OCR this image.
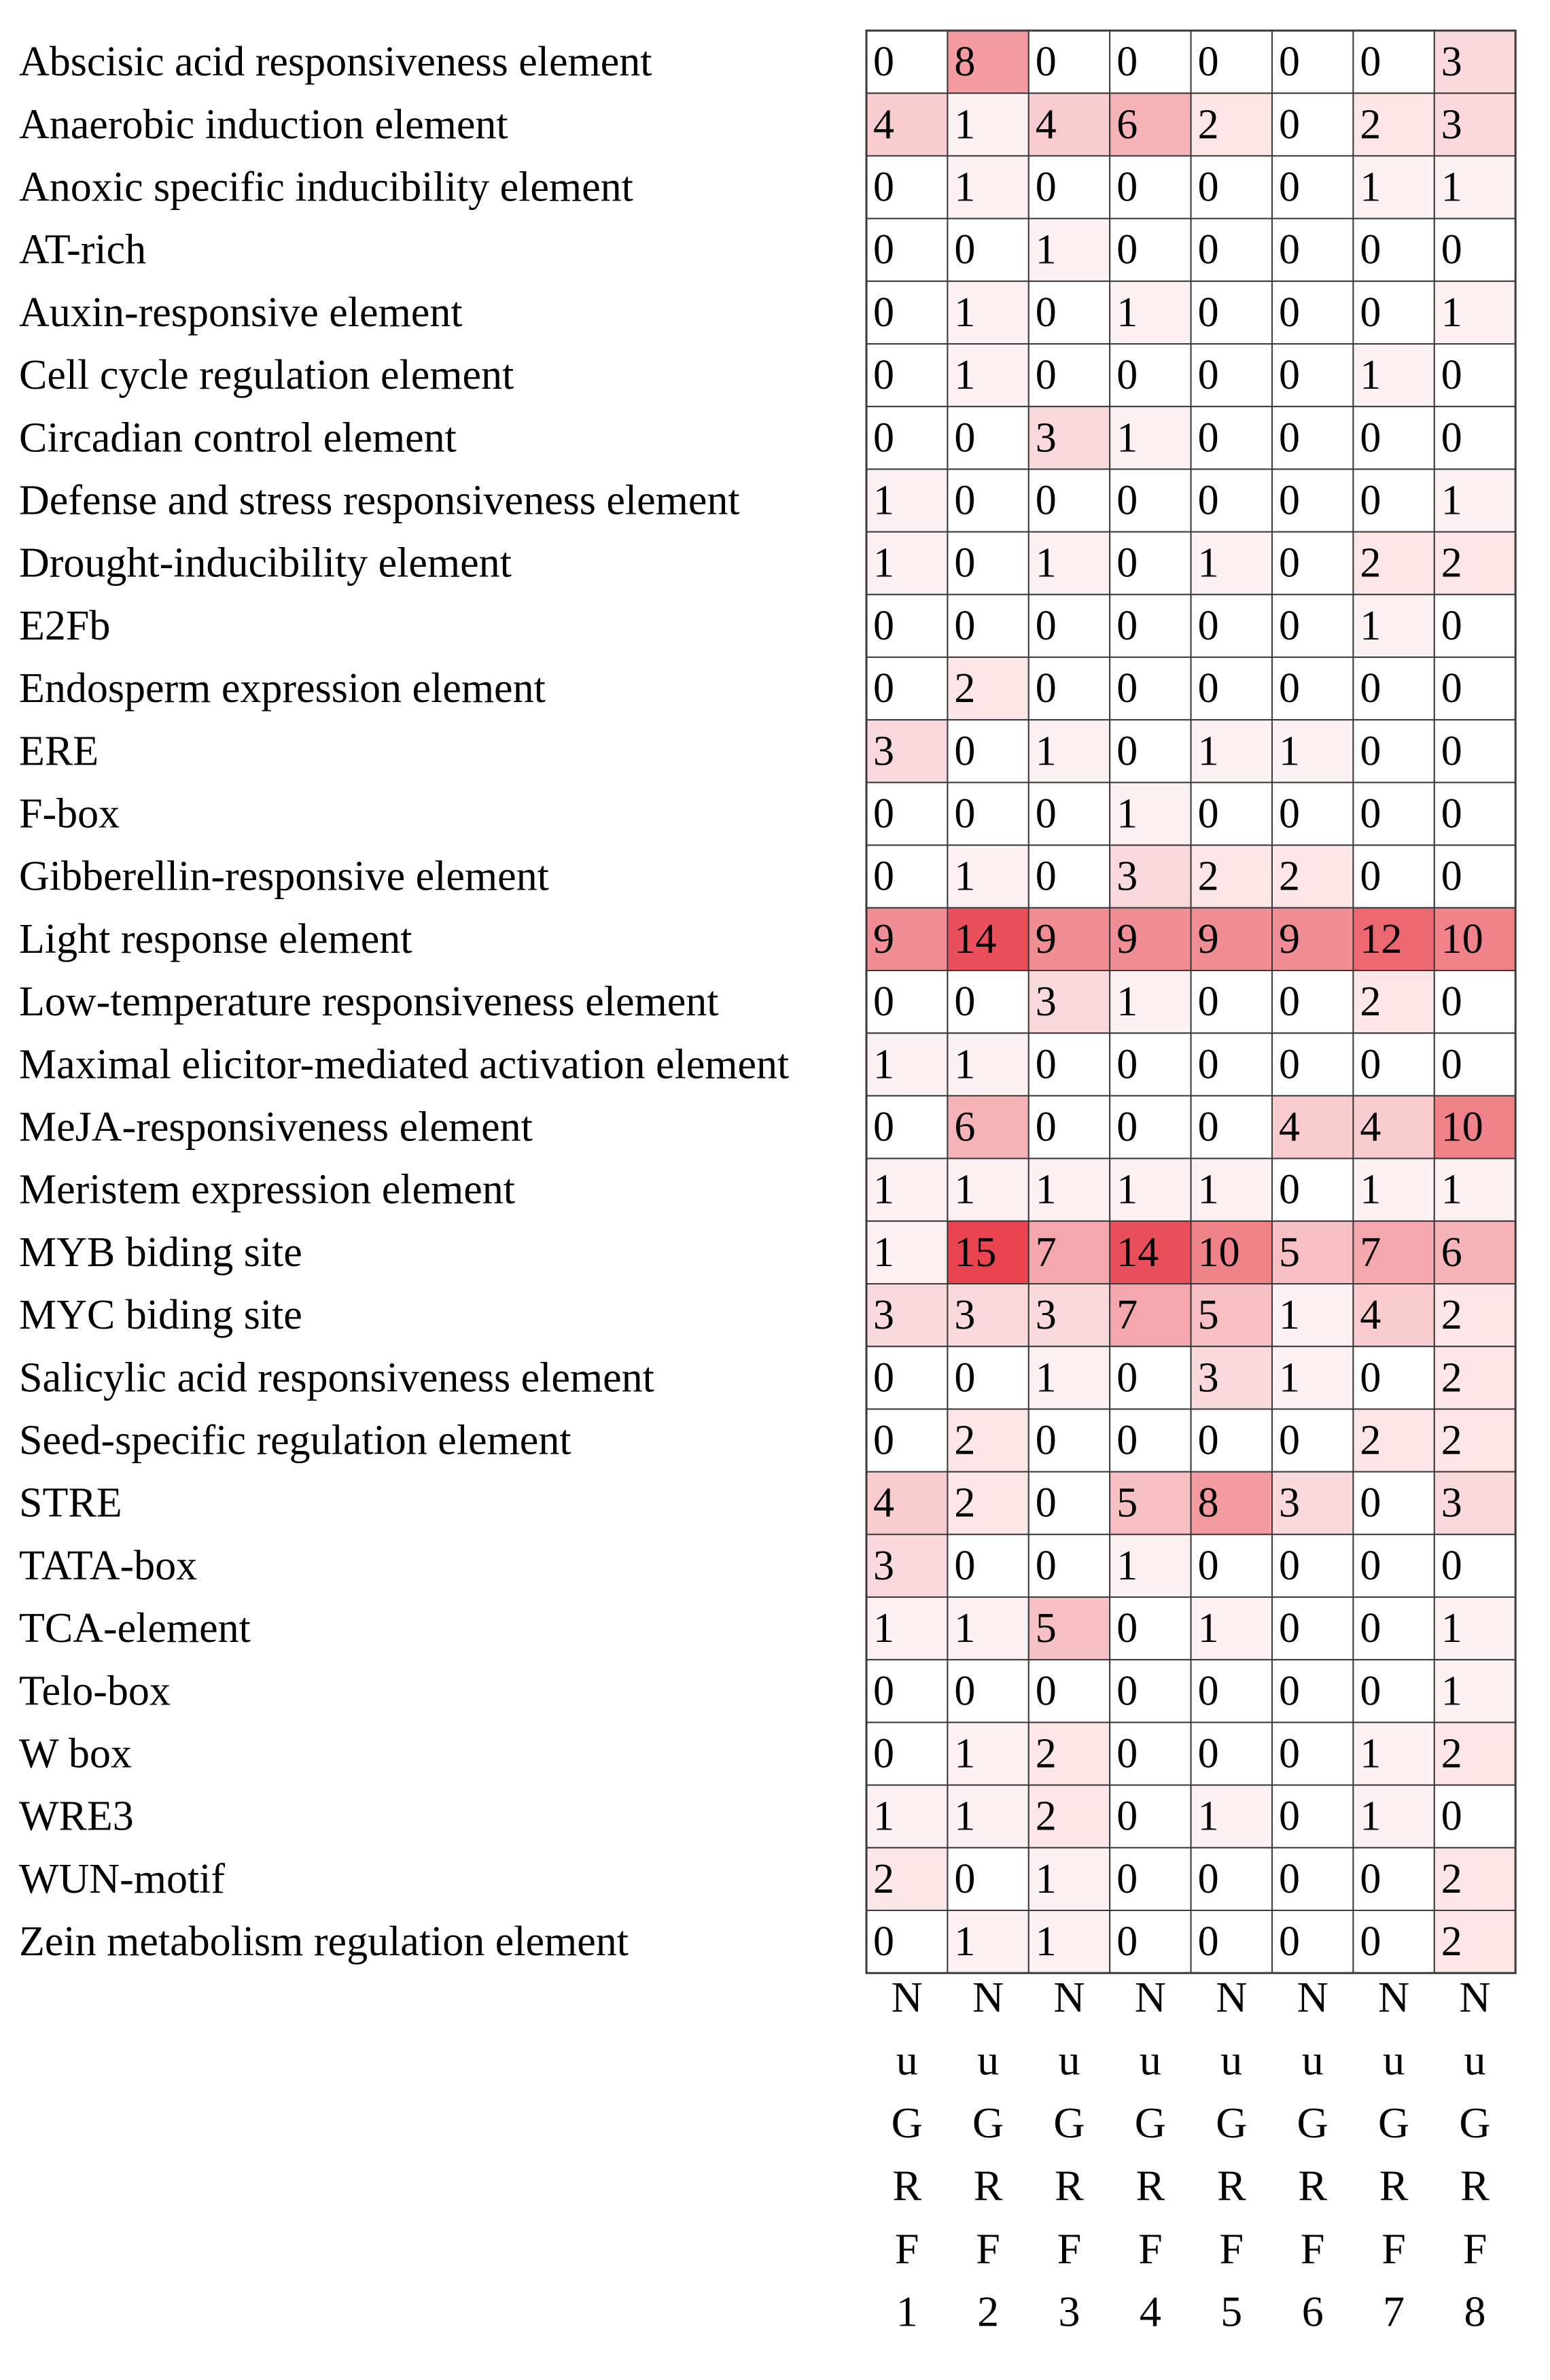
Abscisic acid responsiveness element
Anaerobic induction element
Anoxic specific inducibility element
AT-rich
Auxin-responsive element
Cell cycle regulation element
Circadian control element
Defense and stress responsiveness element
Drought-inducibility element
E2Fb
Endosperm expression element
ERE
F-box
Gibberellin-responsive element
Light response element
Low-temperature responsiveness element
Maximal elicitor-mediated activation element
MeJA-responsiveness element
Meristem expression element
MYB biding site
MYC biding site
Salicylic acid responsiveness element
Seed-specific regulation element
STRE
TATA-box
TCA-element
Telo-box
W box
WRE3
WUN-motif
Zein metabolism regulation element
0 8 0 0 0 0 0 3
4 1 4 6 2 0 2 3
0 1 0 0 0 0 1 1
0 0 1 0 0 0 0 0
0 1 0 1 0 0 0 1
0 1 0 0 0 0 1 0
0 0 3 1 0 0 0 0
1 0 0 0 0 0 0 1
1 0 1 0 1 0 2 2
0 0 0 0 0 0 1 0
0 2 0 0 0 0 0 0
3 0 1 0 1 1 0 0
0 0 0 1 0 0 0 0
0 1 0 3 2 2 0 0
9 14 9 9 9 9 12 10
0 0 3 1 0 0 2 0
1 1 0 0 0 0 0 0
0 6 0 0 0 4 4 10
1 1 1 1 1 0 1 1
1 15 7 14 10 5 7 6
3 3 3 7 5 1 4 2
0 0 1 0 3 1 0 2
0 2 0 0 0 0 2 2
4 2 0 5 8 3 0 3
3 0 0 1 0 0 0 0
1 1 5 0 1 0 0 1
0 0 0 0 0 0 0 1
0 1 2 0 0 0 1 2
1 1 2 0 1 0 1 0
2 0 1 0 0 0 0 2
0 1 1 0 0 0 0 2
N u G R F 1
N u G R F 2
N u G R F 3
N u G R F 4
N u G R F 5
N u G R F 6
N u G R F 7
N u G R F 8
